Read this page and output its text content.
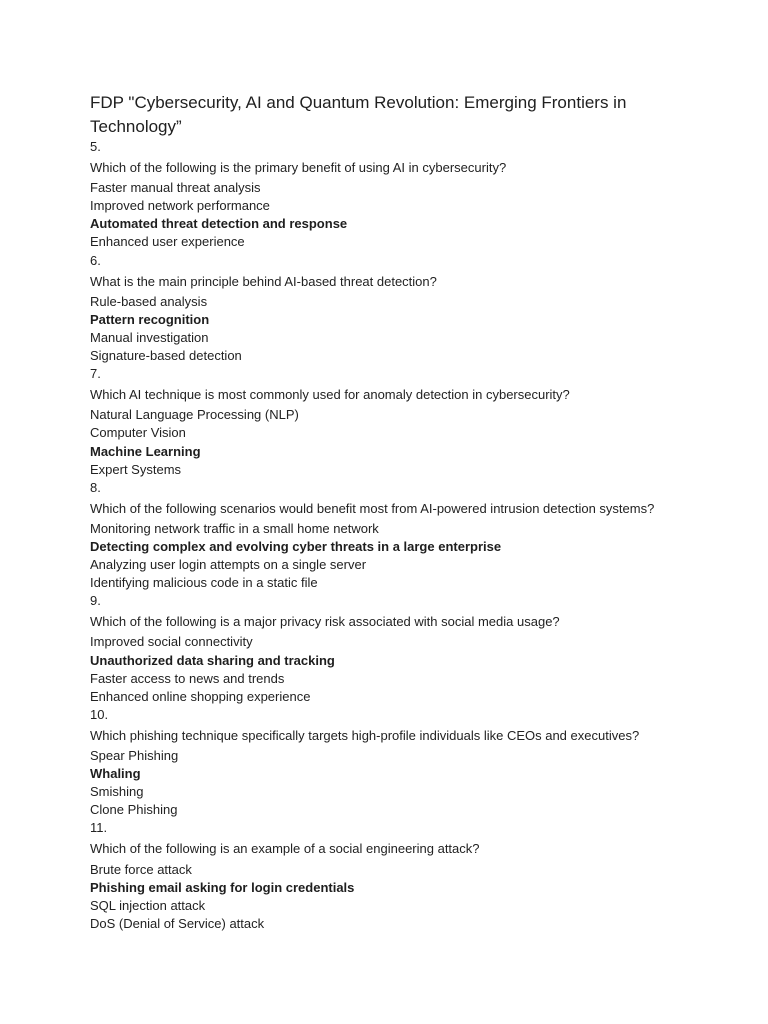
FDP "Cybersecurity, AI and Quantum Revolution: Emerging Frontiers in Technology”
5.
Which of the following is the primary benefit of using AI in cybersecurity?
Faster manual threat analysis
Improved network performance
Automated threat detection and response
Enhanced user experience
6.
What is the main principle behind AI-based threat detection?
Rule-based analysis
Pattern recognition
Manual investigation
Signature-based detection
7.
Which AI technique is most commonly used for anomaly detection in cybersecurity?
Natural Language Processing (NLP)
Computer Vision
Machine Learning
Expert Systems
8.
Which of the following scenarios would benefit most from AI-powered intrusion detection systems?
Monitoring network traffic in a small home network
Detecting complex and evolving cyber threats in a large enterprise
Analyzing user login attempts on a single server
Identifying malicious code in a static file
9.
Which of the following is a major privacy risk associated with social media usage?
Improved social connectivity
Unauthorized data sharing and tracking
Faster access to news and trends
Enhanced online shopping experience
10.
Which phishing technique specifically targets high-profile individuals like CEOs and executives?
Spear Phishing
Whaling
Smishing
Clone Phishing
11.
Which of the following is an example of a social engineering attack?
Brute force attack
Phishing email asking for login credentials
SQL injection attack
DoS (Denial of Service) attack
